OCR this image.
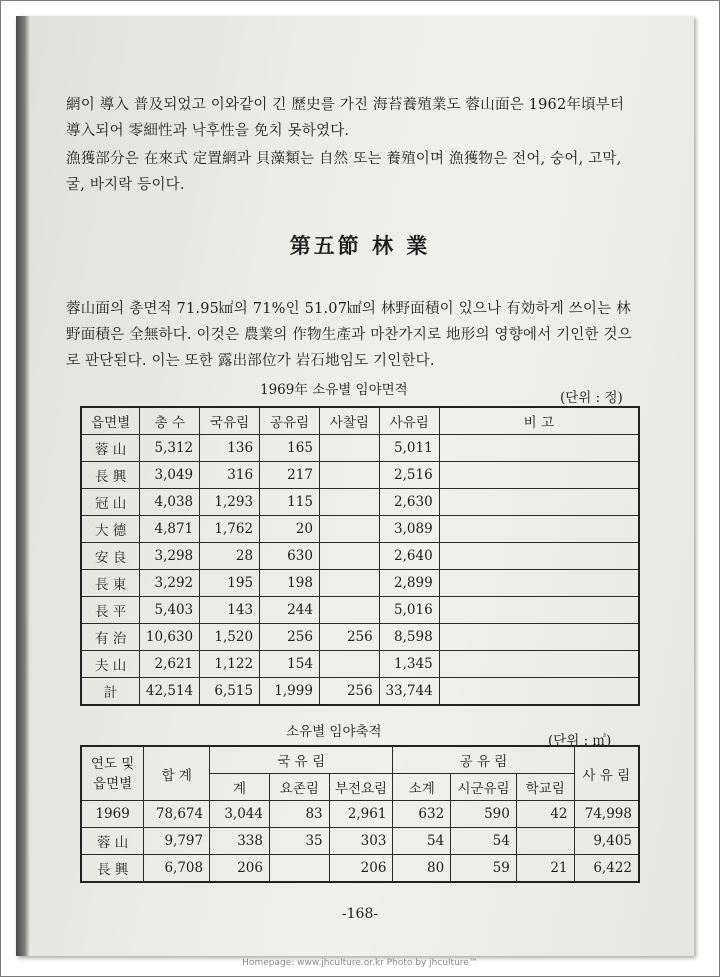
網이 導入 普及되었고 이와같이 긴 歷史를 가진 海苔養殖業도 蓉山面은 1962年頃부터 導入되어 零細性과 낙후性을 免치 못하였다.
漁獲部分은 在來式 定置網과 貝藻類는 自然 또는 養殖이며 漁獲物은 전어, 숭어, 고막, 굴, 바지락 등이다.
第五節 林 業
蓉山面의 총면적 71.95㎢의 71%인 51.07㎢의 林野面積이 있으나 有効하게 쓰이는 林野面積은 全無하다. 이것은 農業의 作物生產과 마찬가지로 地形의 영향에서 기인한 것으로 판단된다. 이는 또한 露出部位가 岩石地임도 기인한다.
1969年 소유별 임야면적	(단위 : 정)
읍면별	총 수	국유림	공유림	사찰림	사유림	비 고
蓉 山	5,312	136	165		5,011	
長 興	3,049	316	217		2,516	
冠 山	4,038	1,293	115		2,630	
大 德	4,871	1,762	20		3,089	
安 良	3,298	28	630		2,640	
長 東	3,292	195	198		2,899	
長 平	5,403	143	244		5,016	
有 治	10,630	1,520	256	256	8,598	
夫 山	2,621	1,122	154		1,345	
計	42,514	6,515	1,999	256	33,744	
소유별 임야축적
(단위 : ㎥)
연도 및 읍면별	합 계	국 유 림			공 유 림			사 유 림
		계	요존림	부전요림	소계	시군유림	학교림	
1969	78,674	3,044	83	2,961	632	590	42	74,998
蓉 山	9,797	338	35	303	54	54		9,405
長 興	6,708	206		206	80	59	21	6,422
-168-
Homepage: www.jhculture.or.kr Photo by jhculture™
